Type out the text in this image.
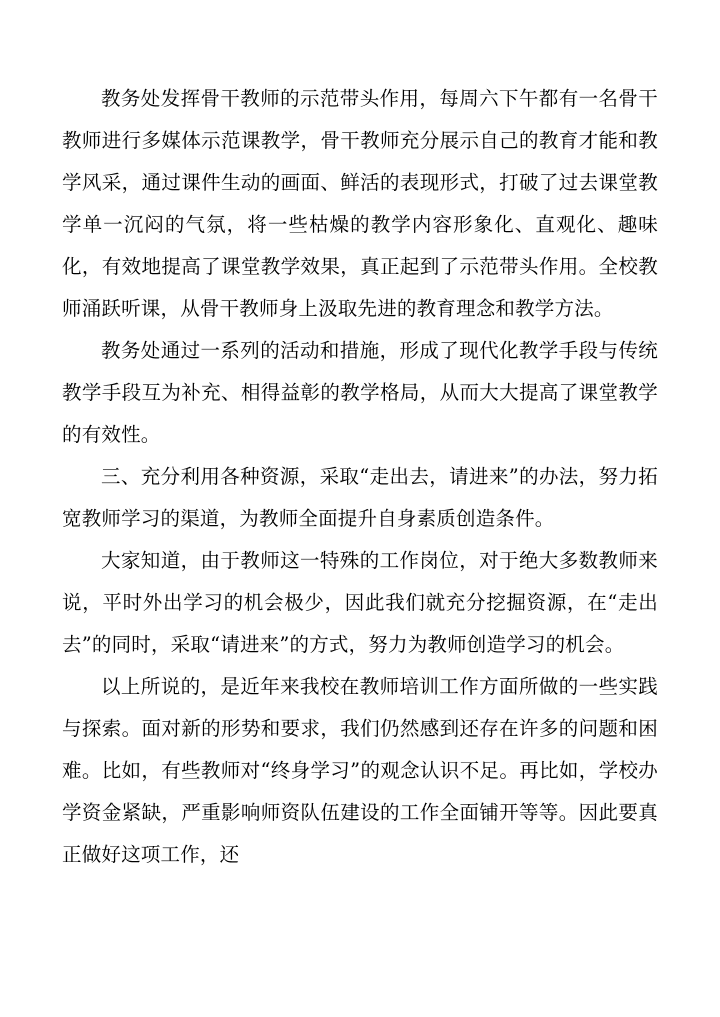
教务处发挥骨干教师的示范带头作用，每周六下午都有一名骨干教师进行多媒体示范课教学，骨干教师充分展示自己的教育才能和教学风采，通过课件生动的画面、鲜活的表现形式，打破了过去课堂教学单一沉闷的气氛，将一些枯燥的教学内容形象化、直观化、趣味化，有效地提高了课堂教学效果，真正起到了示范带头作用。全校教师涌跃听课，从骨干教师身上汲取先进的教育理念和教学方法。

教务处通过一系列的活动和措施，形成了现代化教学手段与传统教学手段互为补充、相得益彰的教学格局，从而大大提高了课堂教学的有效性。

三、充分利用各种资源，采取“走出去，请进来”的办法，努力拓宽教师学习的渠道，为教师全面提升自身素质创造条件。

大家知道，由于教师这一特殊的工作岗位，对于绝大多数教师来说，平时外出学习的机会极少，因此我们就充分挖掘资源，在“走出去”的同时，采取“请进来”的方式，努力为教师创造学习的机会。

以上所说的，是近年来我校在教师培训工作方面所做的一些实践与探索。面对新的形势和要求，我们仍然感到还存在许多的问题和困难。比如，有些教师对“终身学习”的观念认识不足。再比如，学校办学资金紧缺，严重影响师资队伍建设的工作全面铺开等等。因此要真正做好这项工作，还
